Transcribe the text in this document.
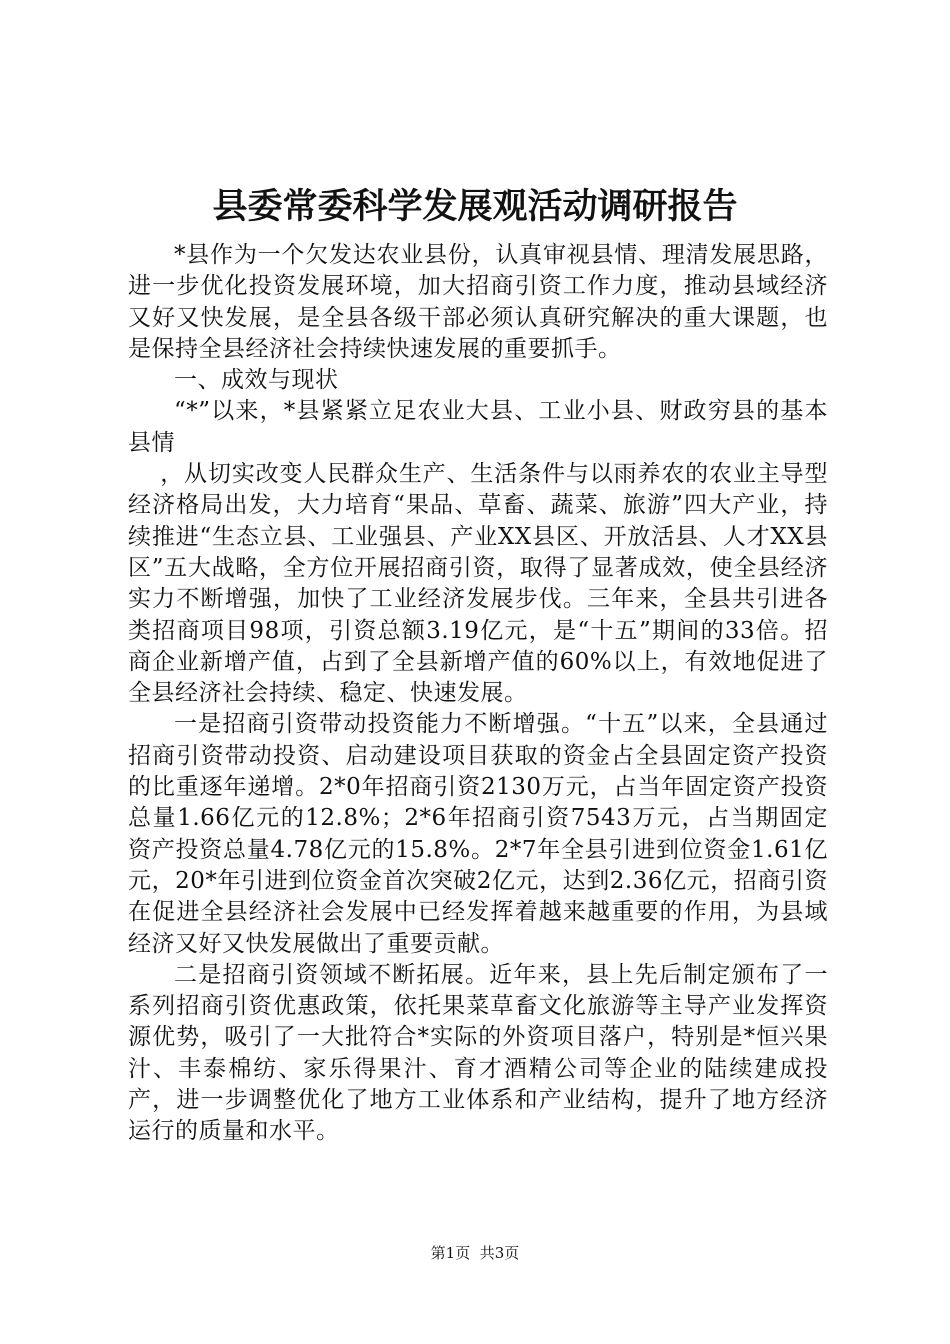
县委常委科学发展观活动调研报告

*县作为一个欠发达农业县份，认真审视县情、理清发展思路，进一步优化投资发展环境，加大招商引资工作力度，推动县域经济又好又快发展，是全县各级干部必须认真研究解决的重大课题，也是保持全县经济社会持续快速发展的重要抓手。

一、成效与现状

“*”以来，*县紧紧立足农业大县、工业小县、财政穷县的基本县情

，从切实改变人民群众生产、生活条件与以雨养农的农业主导型经济格局出发，大力培育“果品、草畜、蔬菜、旅游”四大产业，持续推进“生态立县、工业强县、产业XX县区、开放活县、人才XX县区”五大战略，全方位开展招商引资，取得了显著成效，使全县经济实力不断增强，加快了工业经济发展步伐。三年来，全县共引进各类招商项目98项，引资总额3.19亿元，是“十五”期间的33倍。招商企业新增产值，占到了全县新增产值的60%以上，有效地促进了全县经济社会持续、稳定、快速发展。

一是招商引资带动投资能力不断增强。“十五”以来，全县通过招商引资带动投资、启动建设项目获取的资金占全县固定资产投资的比重逐年递增。2*0年招商引资2130万元，占当年固定资产投资总量1.66亿元的12.8%；2*6年招商引资7543万元，占当期固定资产投资总量4.78亿元的15.8%。2*7年全县引进到位资金1.61亿元，20*年引进到位资金首次突破2亿元，达到2.36亿元，招商引资在促进全县经济社会发展中已经发挥着越来越重要的作用，为县域经济又好又快发展做出了重要贡献。

二是招商引资领域不断拓展。近年来，县上先后制定颁布了一系列招商引资优惠政策，依托果菜草畜文化旅游等主导产业发挥资源优势，吸引了一大批符合*实际的外资项目落户，特别是*恒兴果汁、丰泰棉纺、家乐得果汁、育才酒精公司等企业的陆续建成投产，进一步调整优化了地方工业体系和产业结构，提升了地方经济运行的质量和水平。

第1页 共3页
